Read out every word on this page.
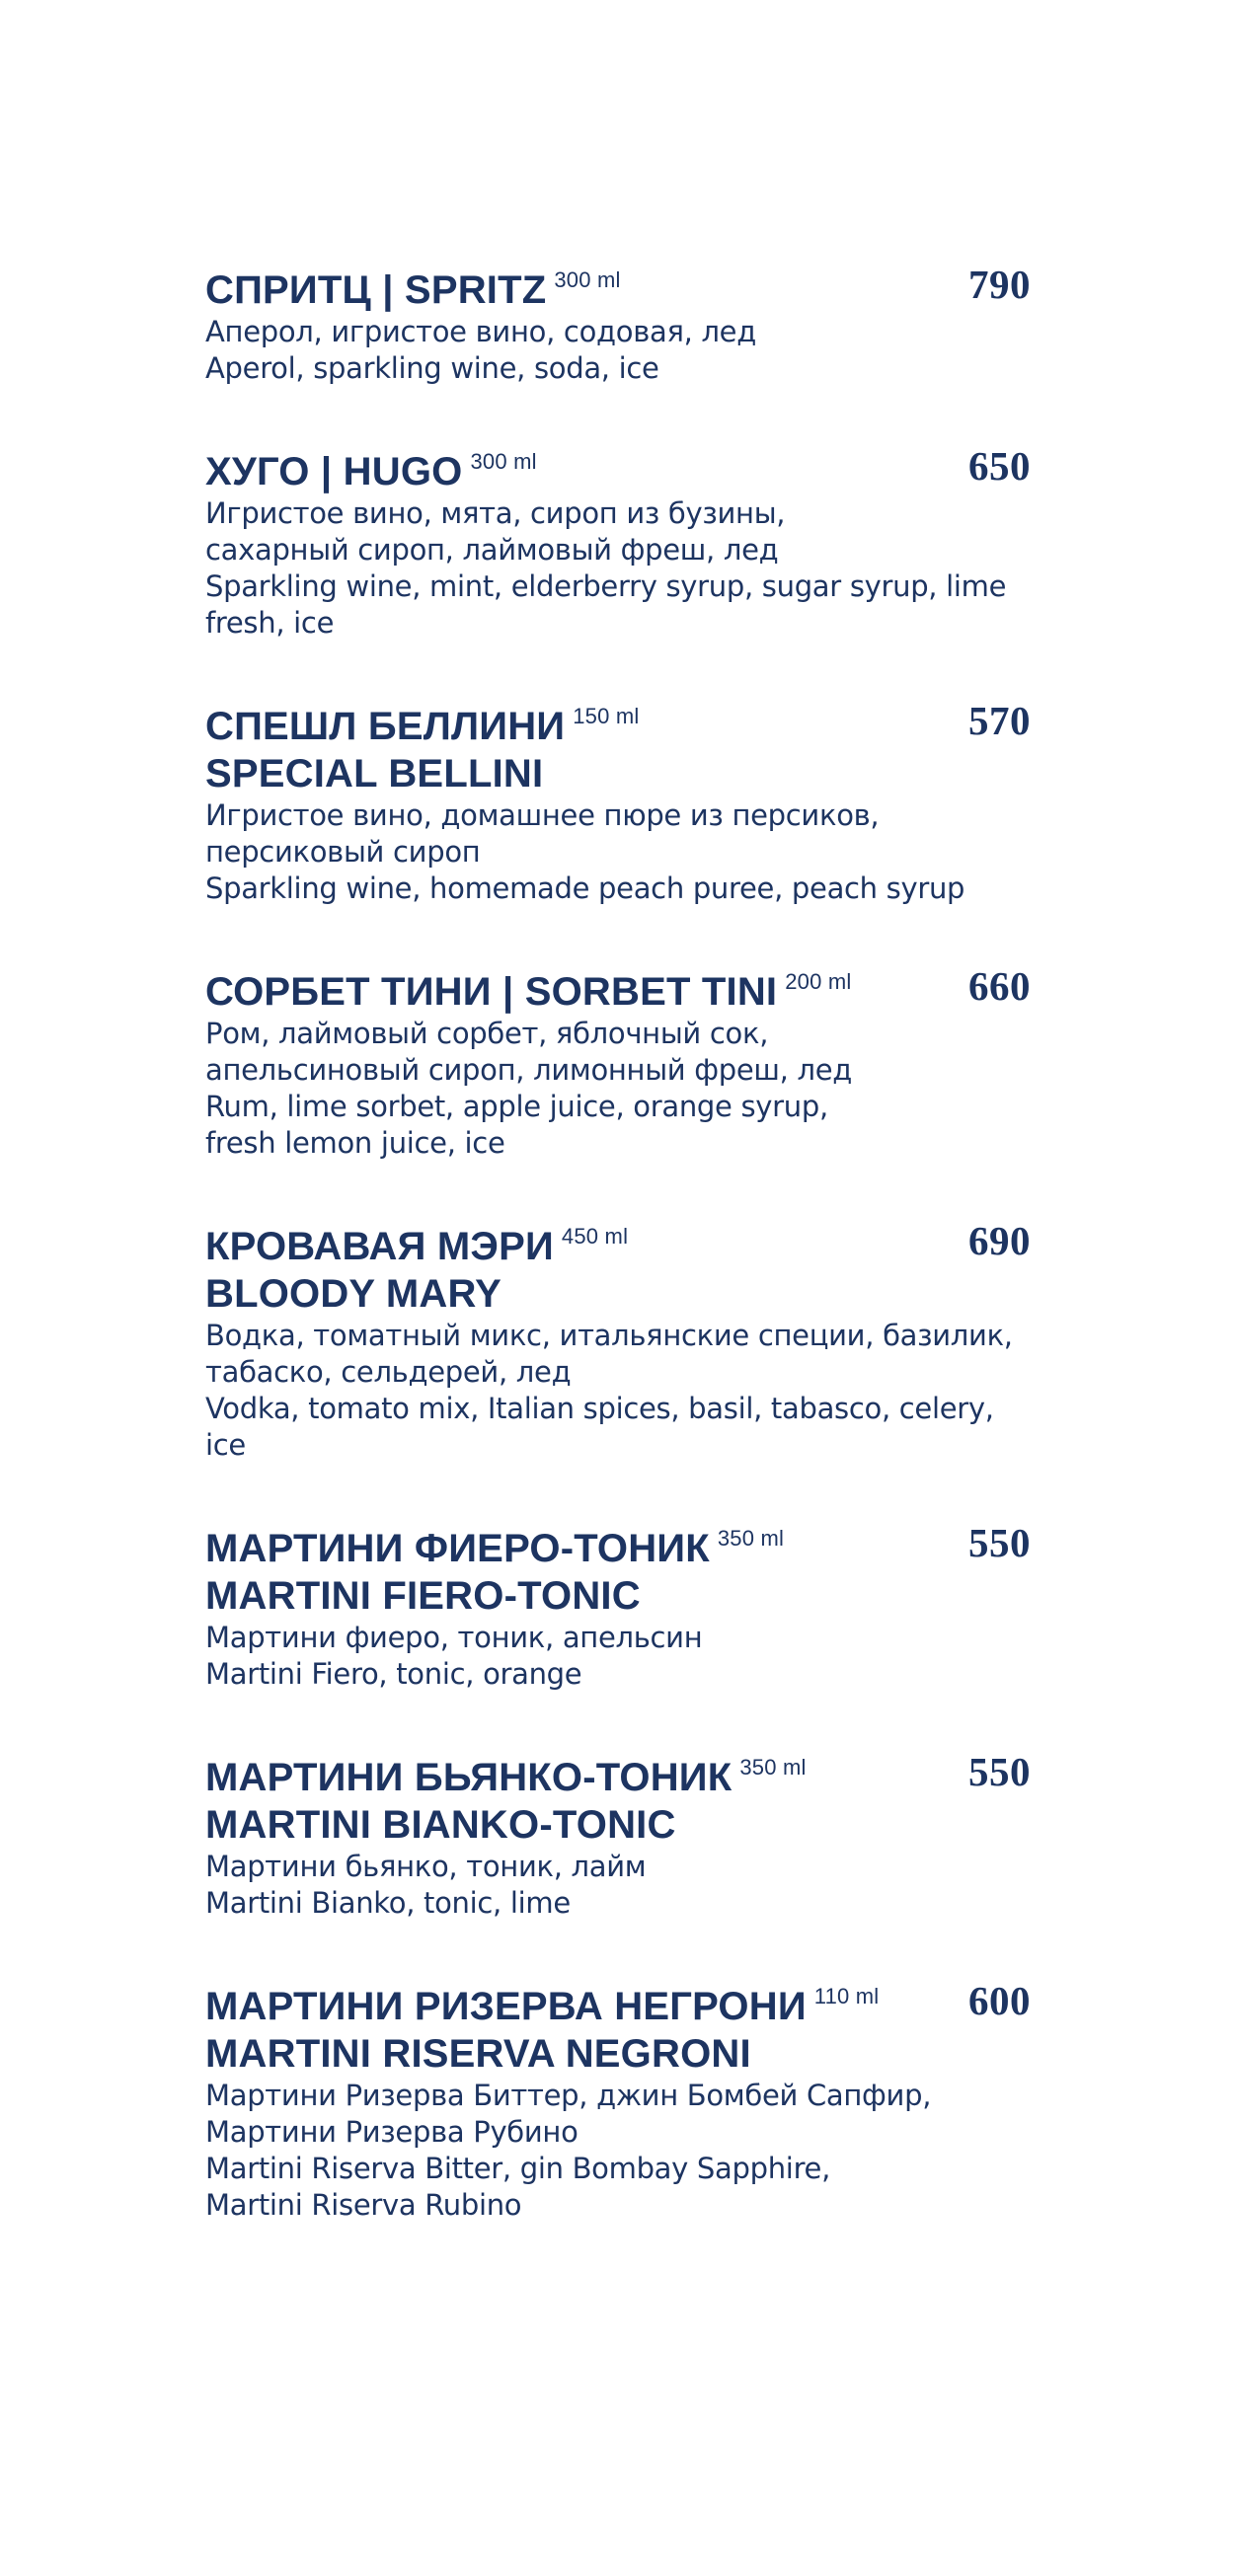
СПРИТЦ | SPRITZ $^{300 ml}$	790
Аперол, игристое вино, содовая, лед
Aperol, sparkling wine, soda, ice
ХУГО | HUGO $^{300 ml}$	650
Игристое вино, мята, сироп из бузины,
сахарный сироп, лаймовый фреш, лед
Sparkling wine, mint, elderberry syrup, sugar syrup, lime
fresh, ice
СПЕШЛ БЕЛЛИНИ $^{150 ml}$
SPECIAL BELLINI
570
Игристое вино, домашнее пюре из персиков,
персиковый сироп
Sparkling wine, homemade peach puree, peach syrup
СОРБЕТ ТИНИ | SORBET TINI $^{200 ml}$	660
Ром, лаймовый сорбет, яблочный сок,
апельсиновый сироп, лимонный фреш, лед
Rum, lime sorbet, apple juice, orange syrup,
fresh lemon juice, ice
КРОВАВАЯ МЭРИ $^{450 ml}$
BLOODY MARY
690
Водка, томатный микс, итальянские специи, базилик,
табаско, сельдерей, лед
Vodka, tomato mix, Italian spices, basil, tabasco, celery,
ice
МАРТИНИ ФИЕРО-ТОНИК $^{350 ml}$
MARTINI FIERO-TONIC
550
Мартини фиеро, тоник, апельсин
Martini Fiero, tonic, orange
МАРТИНИ БЬЯНКО-ТОНИК $^{350 ml}$
MARTINI BIANKO-TONIC
550
Мартини бьянко, тоник, лайм
Martini Bianko, tonic, lime
МАРТИНИ РИЗЕРВА НЕГРОНИ $^{110 ml}$
MARTINI RISERVA NEGRONI
600
Мартини Ризерва Биттер, джин Бомбей Сапфир,
Мартини Ризерва Рубино
Martini Riserva Bitter, gin Bombay Sapphire,
Martini Riserva Rubino
